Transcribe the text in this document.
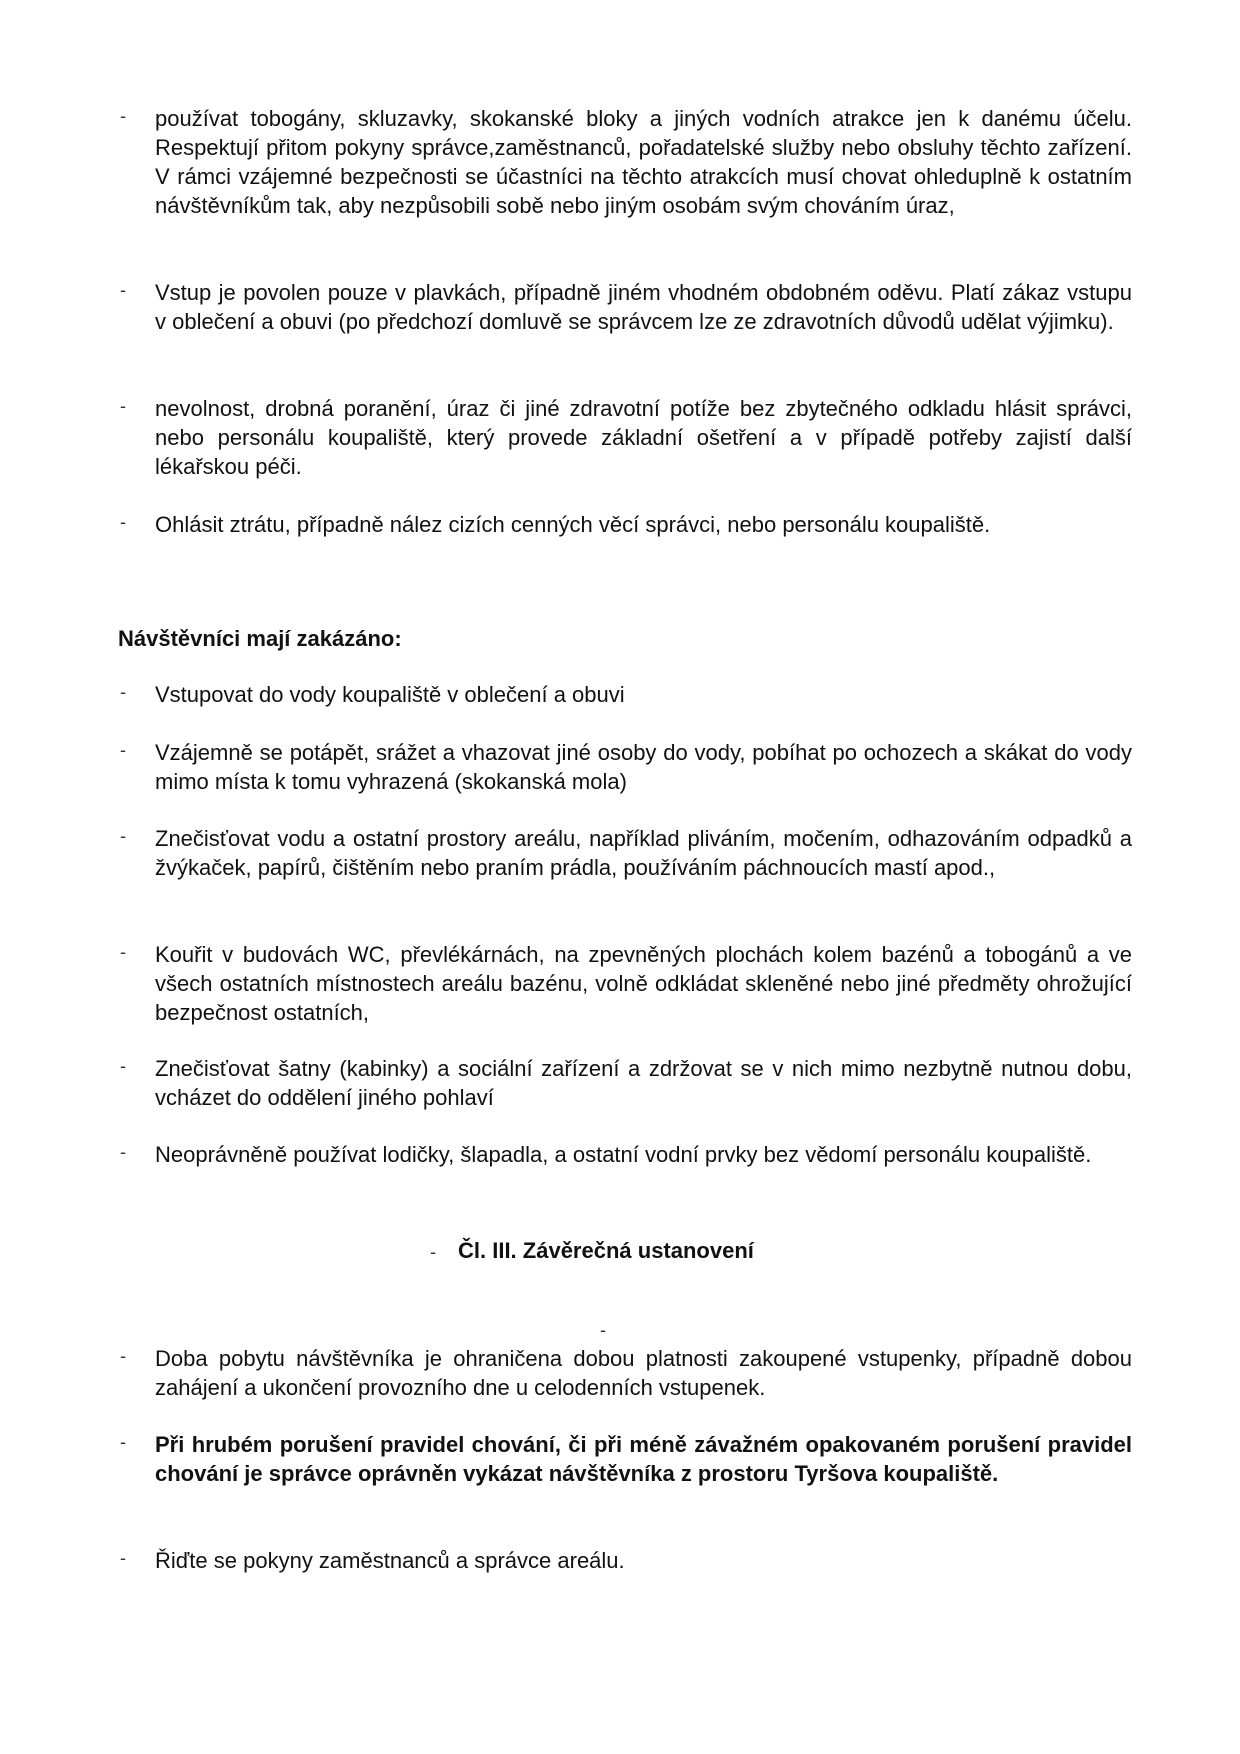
- používat tobogány, skluzavky, skokanské bloky a jiných vodních atrakce jen k danému účelu. Respektují přitom pokyny správce,zaměstnanců, pořadatelské služby nebo obsluhy těchto zařízení. V rámci vzájemné bezpečnosti se účastníci na těchto atrakcích musí chovat ohleduplně k ostatním návštěvníkům tak, aby nezpůsobili sobě nebo jiným osobám svým chováním úraz,
- Vstup je povolen pouze v plavkách, případně jiném vhodném obdobném oděvu. Platí zákaz vstupu v oblečení a obuvi (po předchozí domluvě se správcem lze ze zdravotních důvodů udělat výjimku).
- nevolnost, drobná poranění, úraz či jiné zdravotní potíže bez zbytečného odkladu hlásit správci, nebo personálu koupaliště, který provede základní ošetření a v případě potřeby zajistí další lékařskou péči.
- Ohlásit ztrátu, případně nález cizích cenných věcí správci, nebo personálu koupaliště.
Návštěvníci mají zakázáno:
- Vstupovat do vody koupaliště v oblečení a obuvi
- Vzájemně se potápět, srážet a vhazovat jiné osoby do vody, pobíhat po ochozech a skákat do vody mimo místa k tomu vyhrazená (skokanská mola)
- Znečisťovat vodu a ostatní prostory areálu, například pliváním, močením, odhazováním odpadků a žvýkaček, papírů, čištěním nebo praním prádla, používáním páchnoucích mastí apod.,
- Kouřit v budovách WC, převlékárnách, na zpevněných plochách kolem bazénů a tobogánů a ve všech ostatních místnostech areálu bazénu, volně odkládat skleněné nebo jiné předměty ohrožující bezpečnost ostatních,
- Znečisťovat šatny (kabinky) a sociální zařízení a zdržovat se v nich mimo nezbytně nutnou dobu, vcházet do oddělení jiného pohlaví
- Neoprávněně používat lodičky, šlapadla, a ostatní vodní prvky bez vědomí personálu koupaliště.
- Čl. III. Závěrečná ustanovení
-
- Doba pobytu návštěvníka je ohraničena dobou platnosti zakoupené vstupenky, případně dobou zahájení a ukončení provozního dne u celodenních vstupenek.
- Při hrubém porušení pravidel chování, či při méně závažném opakovaném porušení pravidel chování je správce oprávněn vykázat návštěvníka z prostoru Tyršova koupaliště.
- Řiďte se pokyny zaměstnanců a správce areálu.
